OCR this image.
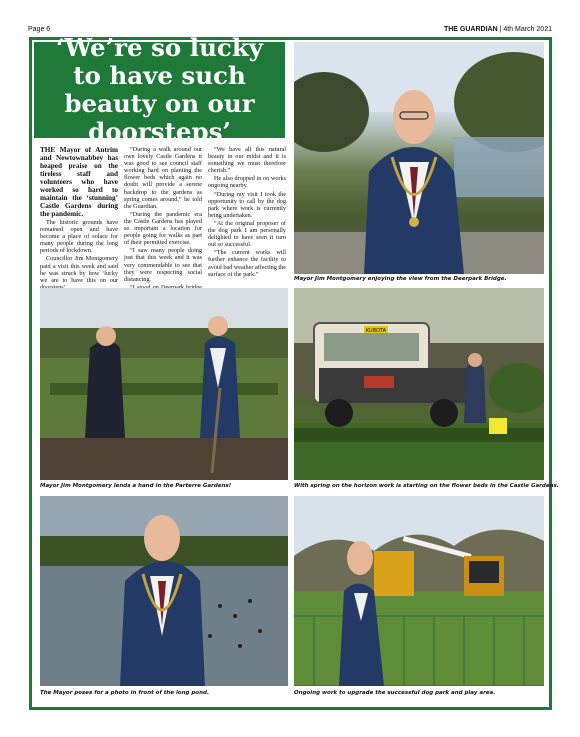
Page 6	THE GUARDIAN | 4th March 2021
‘We’re so lucky to have such beauty on our doorsteps’

THE Mayor of Antrim and Newtownabbey has heaped praise on the tireless staff and volunteers who have worked so hard to maintain the ‘stunning’ Castle Gardens during the pandemic.

The historic grounds have remained open and have become a place of solace for many people during the long periods of lockdown.

Councillor Jim Montgomery paid a visit this week and said he was struck by how ‘lucky we are to have this on our

“During a walk around our own lovely Castle Gardens it was good to see council staff working hard on planting the flower beds which again no doubt will provide a serene backdrop to the gardens as spring comes around,” he told the Guardian.

“During the pandemic era the Castle Gardens has played so important a location for people going for walks as part of their permitted exercise.

“I saw many people doing just that this week and it was very commendable to see that they were respecting social distancing.

“We have all this natural beauty in our midst and it is something we must therefore cherish.”

He also dropped in on works ongoing nearby.

“During my visit I took the opportunity to call by the dog park where work is currently being undertaken.

“At the original proposer of the dog park I am personally delighted to have seen it turn out so successful.

“The current works will further enhance the facility to avoid bad weather affecting the surface of the park.”

Mayor Jim Montgomery enjoying the view from the Deerpark Bridge.
Mayor Jim Montgomery lends a hand in the Parterre Gardens!
KUBOTA
With spring on the horizon work is starting on the flower beds in the Castle Gardens.
The Mayor poses for a photo in front of the long pond.	Ongoing work to upgrade the successful dog park and play area.
